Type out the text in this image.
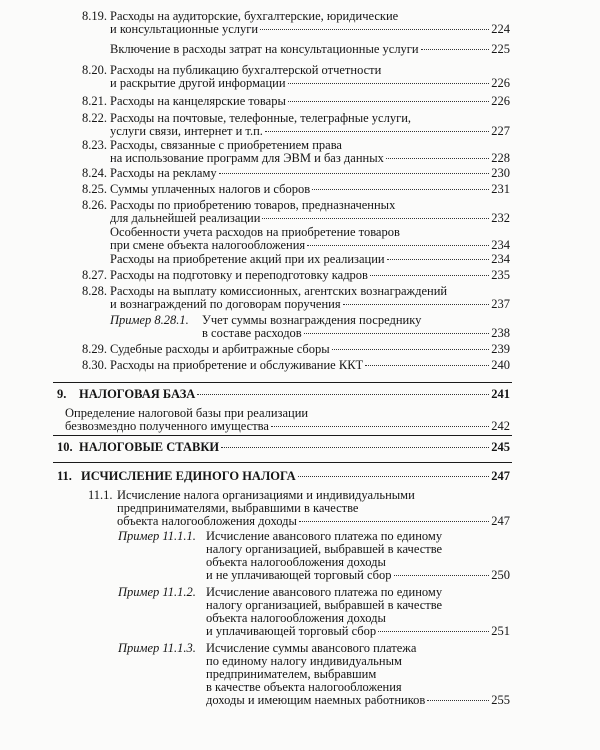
8.19. Расходы на аудиторские, бухгалтерские, юридические
и консультационные услуги	224
Включение в расходы затрат на консультационные услуги	225
8.20. Расходы на публикацию бухгалтерской отчетности
и раскрытие другой информации	226
8.21. Расходы на канцелярские товары	226
8.22. Расходы на почтовые, телефонные, телеграфные услуги,
услуги связи, интернет и т.п.	227
8.23. Расходы, связанные с приобретением права
на использование программ для ЭВМ и баз данных	228
8.24. Расходы на рекламу	230
8.25. Суммы уплаченных налогов и сборов	231
8.26. Расходы по приобретению товаров, предназначенных
для дальнейшей реализации	232
Особенности учета расходов на приобретение товаров
при смене объекта налогообложения	234
Расходы на приобретение акций при их реализации	234
8.27. Расходы на подготовку и переподготовку кадров	235
8.28. Расходы на выплату комиссионных, агентских вознаграждений
и вознаграждений по договорам поручения	237
Пример 8.28.1. Учет суммы вознаграждения посреднику
в составе расходов	238
8.29. Судебные расходы и арбитражные сборы	239
8.30. Расходы на приобретение и обслуживание ККТ	240
9. НАЛОГОВАЯ БАЗА	241
Определение налоговой базы при реализации
безвозмездно полученного имущества	242
10. НАЛОГОВЫЕ СТАВКИ	245
11. ИСЧИСЛЕНИЕ ЕДИНОГО НАЛОГА	247
11.1. Исчисление налога организациями и индивидуальными
предпринимателями, выбравшими в качестве
объекта налогообложения доходы	247
Пример 11.1.1. Исчисление авансового платежа по единому
налогу организацией, выбравшей в качестве
объекта налогообложения доходы
и не уплачивающей торговый сбор	250
Пример 11.1.2. Исчисление авансового платежа по единому
налогу организацией, выбравшей в качестве
объекта налогообложения доходы
и уплачивающей торговый сбор	251
Пример 11.1.3. Исчисление суммы авансового платежа
по единому налогу индивидуальным
предпринимателем, выбравшим
в качестве объекта налогообложения
доходы и имеющим наемных работников	255
